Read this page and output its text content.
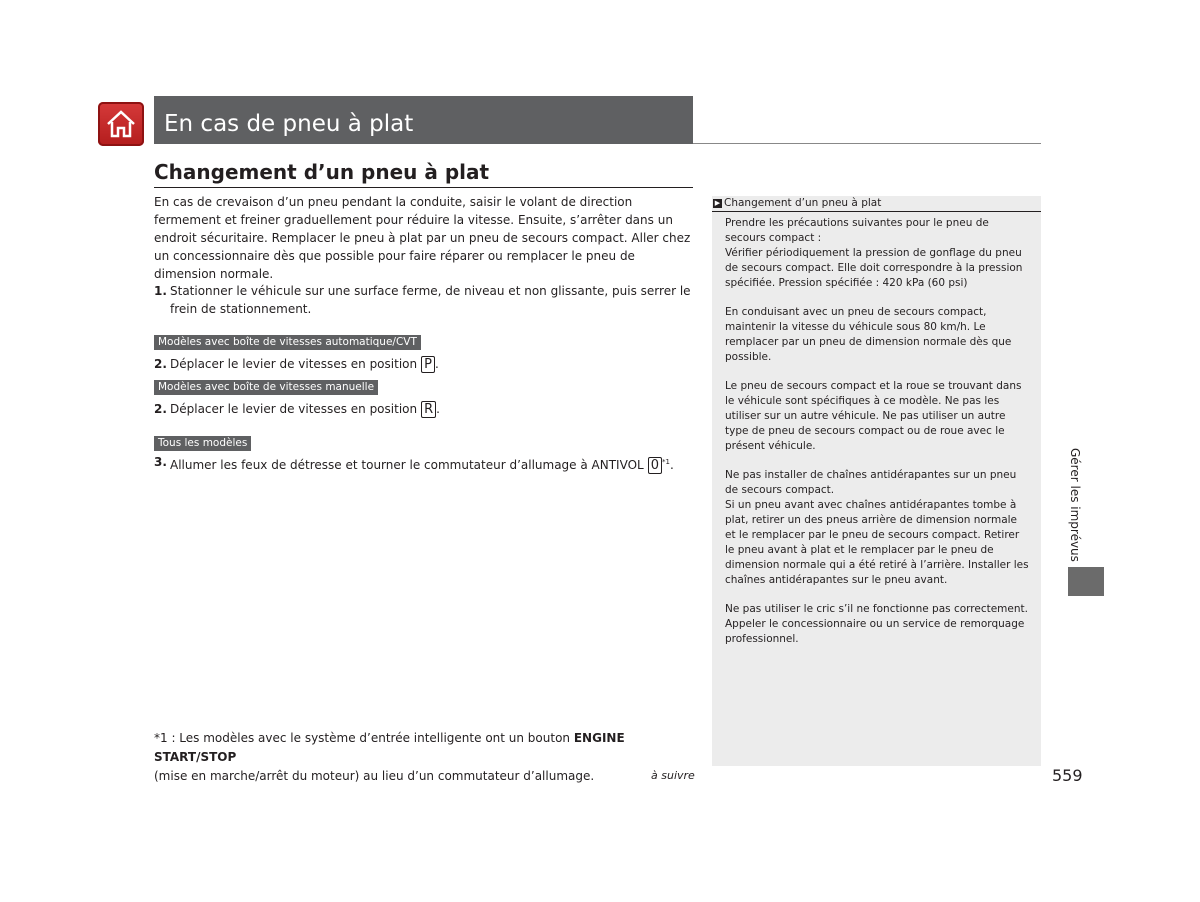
En cas de pneu à plat
Changement d’un pneu à plat
En cas de crevaison d’un pneu pendant la conduite, saisir le volant de direction fermement et freiner graduellement pour réduire la vitesse. Ensuite, s’arrêter dans un endroit sécuritaire. Remplacer le pneu à plat par un pneu de secours compact. Aller chez un concessionnaire dès que possible pour faire réparer ou remplacer le pneu de dimension normale.
1. Stationner le véhicule sur une surface ferme, de niveau et non glissante, puis serrer le frein de stationnement.
Modèles avec boîte de vitesses automatique/CVT
2. Déplacer le levier de vitesses en position P .
Modèles avec boîte de vitesses manuelle
2. Déplacer le levier de vitesses en position R .
Tous les modèles
3. Allumer les feux de détresse et tourner le commutateur d’allumage à ANTIVOL 0 $^{*1}$.
*1 : Les modèles avec le système d’entrée intelligente ont un bouton ENGINE START/STOP
(mise en marche/arrêt du moteur) au lieu d’un commutateur d’allumage.	à suivre	559
▶ Changement d’un pneu à plat

Prendre les précautions suivantes pour le pneu de secours compact :
Vérifier périodiquement la pression de gonflage du pneu de secours compact. Elle doit correspondre à la pression spécifiée. Pression spécifiée : 420 kPa (60 psi)

En conduisant avec un pneu de secours compact, maintenir la vitesse du véhicule sous 80 km/h. Le remplacer par un pneu de dimension normale dès que possible.

Le pneu de secours compact et la roue se trouvant dans le véhicule sont spécifiques à ce modèle. Ne pas les utiliser sur un autre véhicule. Ne pas utiliser un autre type de pneu de secours compact ou de roue avec le présent véhicule.

Ne pas installer de chaînes antidérapantes sur un pneu de secours compact.
Si un pneu avant avec chaînes antidérapantes tombe à plat, retirer un des pneus arrière de dimension normale et le remplacer par le pneu de secours compact. Retirer le pneu avant à plat et le remplacer par le pneu de dimension normale qui a été retiré à l’arrière. Installer les chaînes antidérapantes sur le pneu avant.

Ne pas utiliser le cric s’il ne fonctionne pas correctement. Appeler le concessionnaire ou un service de remorquage professionnel.

Gérer les imprévus
